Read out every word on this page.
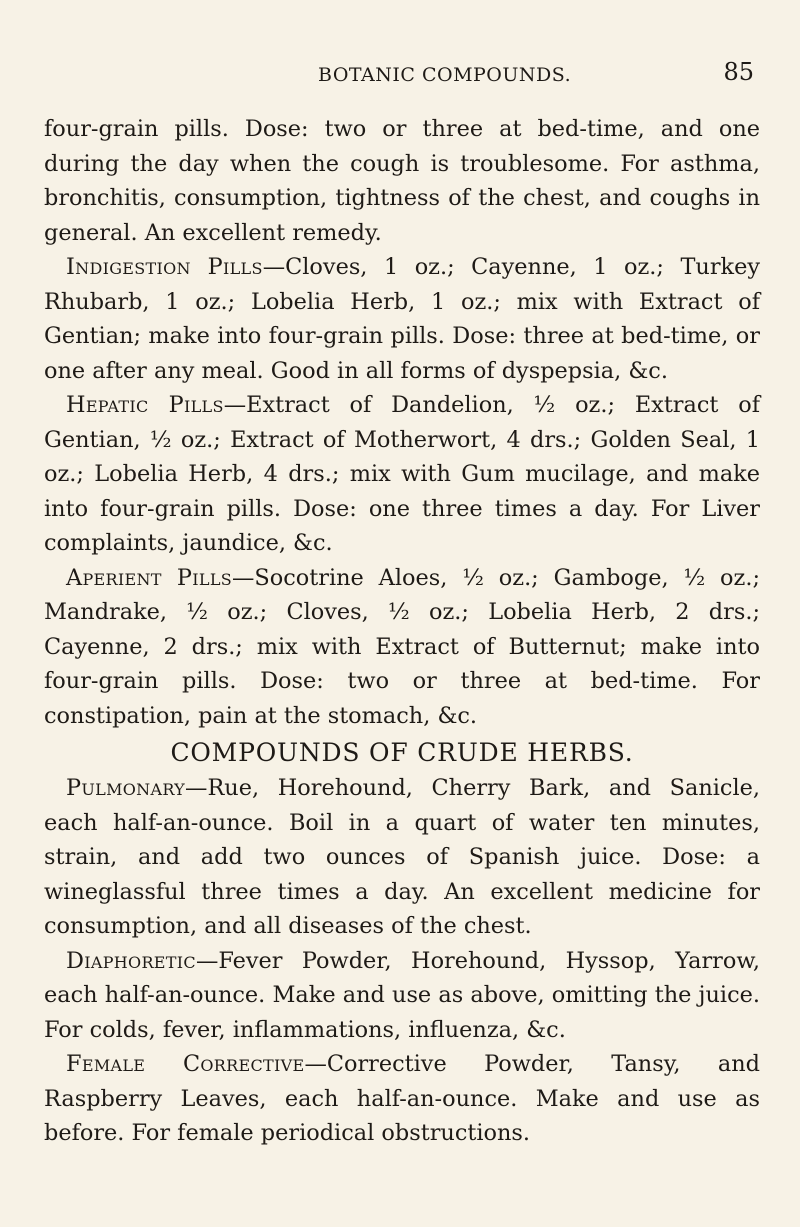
BOTANIC COMPOUNDS.	85

four-grain pills. Dose: two or three at bed-time, and one during the day when the cough is troublesome. For asthma, bronchitis, consumption, tightness of the chest, and coughs in general. An excellent remedy.

Indigestion Pills—Cloves, 1 oz.; Cayenne, 1 oz.; Turkey Rhubarb, 1 oz.; Lobelia Herb, 1 oz.; mix with Extract of Gentian; make into four-grain pills. Dose: three at bed-time, or one after any meal. Good in all forms of dyspepsia, &c.

Hepatic Pills—Extract of Dandelion, ½ oz.; Extract of Gentian, ½ oz.; Extract of Motherwort, 4 drs.; Golden Seal, 1 oz.; Lobelia Herb, 4 drs.; mix with Gum mucilage, and make into four-grain pills. Dose: one three times a day. For Liver complaints, jaundice, &c.

Aperient Pills—Socotrine Aloes, ½ oz.; Gamboge, ½ oz.; Mandrake, ½ oz.; Cloves, ½ oz.; Lobelia Herb, 2 drs.; Cayenne, 2 drs.; mix with Extract of Butternut; make into four-grain pills. Dose: two or three at bed-time. For constipation, pain at the stomach, &c.

COMPOUNDS OF CRUDE HERBS.

Pulmonary—Rue, Horehound, Cherry Bark, and Sanicle, each half-an-ounce. Boil in a quart of water ten minutes, strain, and add two ounces of Spanish juice. Dose: a wineglassful three times a day. An excellent medicine for consumption, and all diseases of the chest.

Diaphoretic—Fever Powder, Horehound, Hyssop, Yarrow, each half-an-ounce. Make and use as above, omitting the juice. For colds, fever, inflammations, influenza, &c.

Female Corrective—Corrective Powder, Tansy, and Raspberry Leaves, each half-an-ounce. Make and use as before. For female periodical obstructions.
